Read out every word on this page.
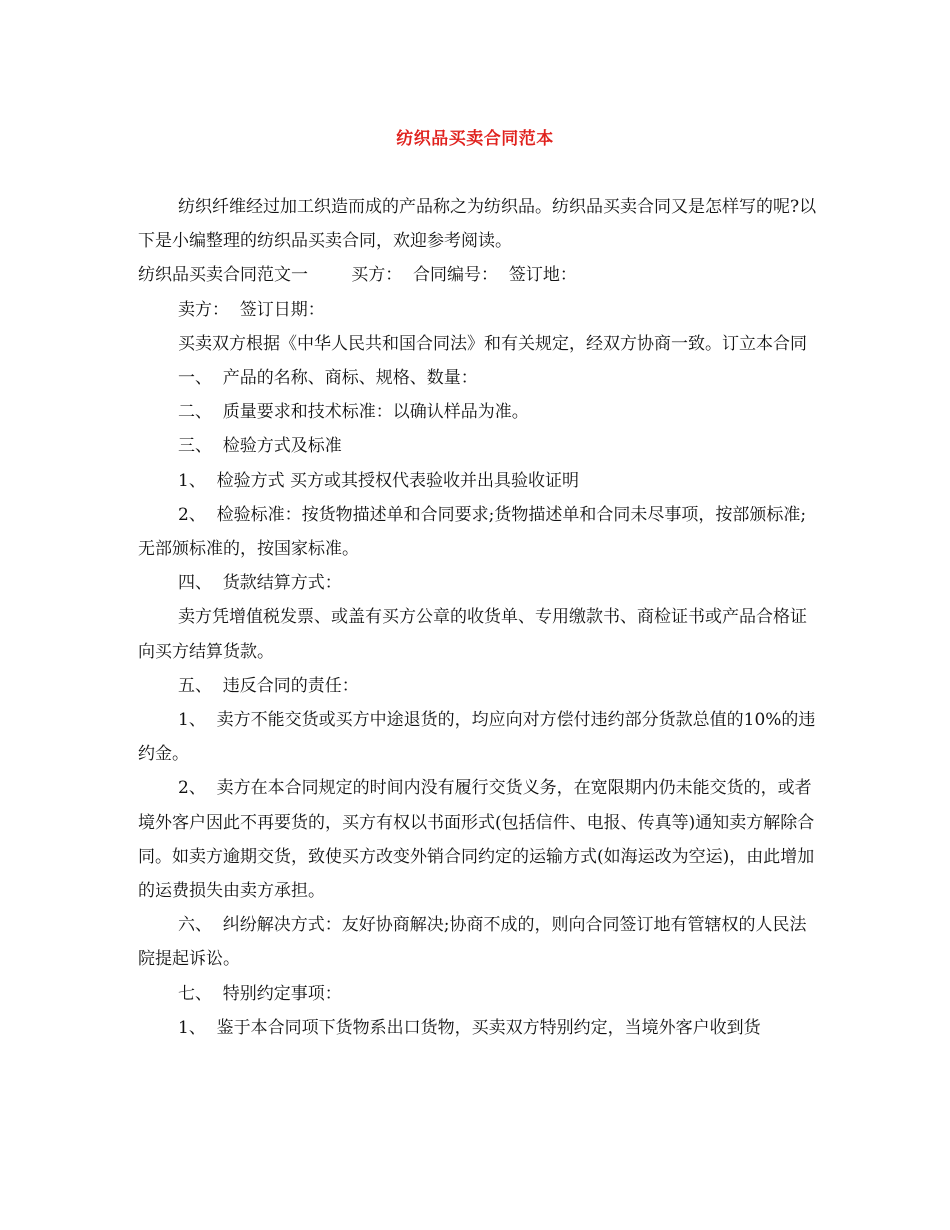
纺织品买卖合同范本

纺织纤维经过加工织造而成的产品称之为纺织品。纺织品买卖合同又是怎样写的呢?以下是小编整理的纺织品买卖合同，欢迎参考阅读。

纺织品买卖合同范文一        买方：  合同编号：  签订地：

卖方：  签订日期：

买卖双方根据《中华人民共和国合同法》和有关规定，经双方协商一致。订立本合同

一、  产品的名称、商标、规格、数量：

二、  质量要求和技术标准：以确认样品为准。

三、  检验方式及标准

1、  检验方式 买方或其授权代表验收并出具验收证明

2、  检验标准：按货物描述单和合同要求;货物描述单和合同未尽事项，按部颁标准;无部颁标准的，按国家标准。

四、  货款结算方式：

卖方凭增值税发票、或盖有买方公章的收货单、专用缴款书、商检证书或产品合格证向买方结算货款。

五、  违反合同的责任：

1、  卖方不能交货或买方中途退货的，均应向对方偿付违约部分货款总值的10%的违约金。

2、  卖方在本合同规定的时间内没有履行交货义务，在宽限期内仍未能交货的，或者境外客户因此不再要货的，买方有权以书面形式(包括信件、电报、传真等)通知卖方解除合同。如卖方逾期交货，致使买方改变外销合同约定的运输方式(如海运改为空运)，由此增加的运费损失由卖方承担。

六、  纠纷解决方式：友好协商解决;协商不成的，则向合同签订地有管辖权的人民法院提起诉讼。

七、  特别约定事项：

1、  鉴于本合同项下货物系出口货物，买卖双方特别约定，当境外客户收到货
